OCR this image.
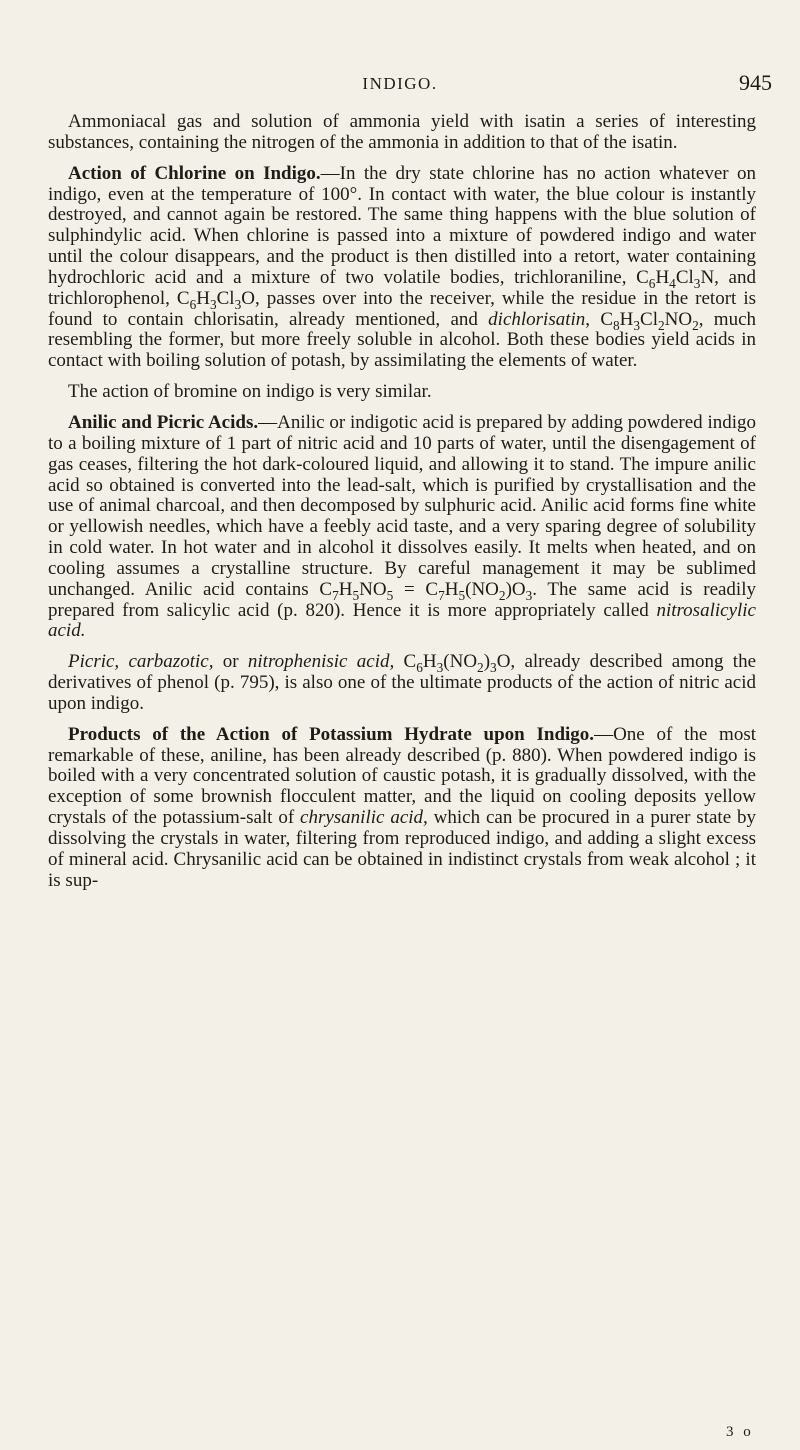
INDIGO.	945

Ammoniacal gas and solution of ammonia yield with isatin a series of interesting substances, containing the nitrogen of the ammonia in addition to that of the isatin.

Action of Chlorine on Indigo.—In the dry state chlorine has no action whatever on indigo, even at the temperature of 100°. In contact with water, the blue colour is instantly destroyed, and cannot again be restored. The same thing happens with the blue solution of sulphindylic acid. When chlorine is passed into a mixture of powdered indigo and water until the colour disappears, and the product is then distilled into a retort, water containing hydrochloric acid and a mixture of two volatile bodies, trichloraniline, $C_6H_4Cl_3N$, and trichlorophenol, $C_6H_3Cl_3O$, passes over into the receiver, while the residue in the retort is found to contain chlorisatin, already mentioned, and dichlorisatin, $C_8H_3Cl_2NO_2$, much resembling the former, but more freely soluble in alcohol. Both these bodies yield acids in contact with boiling solution of potash, by assimilating the elements of water.

The action of bromine on indigo is very similar.

Anilic and Picric Acids.—Anilic or indigotic acid is prepared by adding powdered indigo to a boiling mixture of 1 part of nitric acid and 10 parts of water, until the disengagement of gas ceases, filtering the hot dark-coloured liquid, and allowing it to stand. The impure anilic acid so obtained is converted into the lead-salt, which is purified by crystallisation and the use of animal charcoal, and then decomposed by sulphuric acid. Anilic acid forms fine white or yellowish needles, which have a feebly acid taste, and a very sparing degree of solubility in cold water. In hot water and in alcohol it dissolves easily. It melts when heated, and on cooling assumes a crystalline structure. By careful management it may be sublimed unchanged. Anilic acid contains $C_7H_5NO_5 = C_7H_5(NO_2)O_3$. The same acid is readily prepared from salicylic acid (p. 820). Hence it is more appropriately called nitrosalicylic acid.

Picric, carbazotic, or nitrophenisic acid, $C_6H_3(NO_2)_3O$, already described among the derivatives of phenol (p. 795), is also one of the ultimate products of the action of nitric acid upon indigo.

Products of the Action of Potassium Hydrate upon Indigo.—One of the most remarkable of these, aniline, has been already described (p. 880). When powdered indigo is boiled with a very concentrated solution of caustic potash, it is gradually dissolved, with the exception of some brownish flocculent matter, and the liquid on cooling deposits yellow crystals of the potassium-salt of chrysanilic acid, which can be procured in a purer state by dissolving the crystals in water, filtering from reproduced indigo, and adding a slight excess of mineral acid. Chrysanilic acid can be obtained in indistinct crystals from weak alcohol ; it is sup-

3 o
